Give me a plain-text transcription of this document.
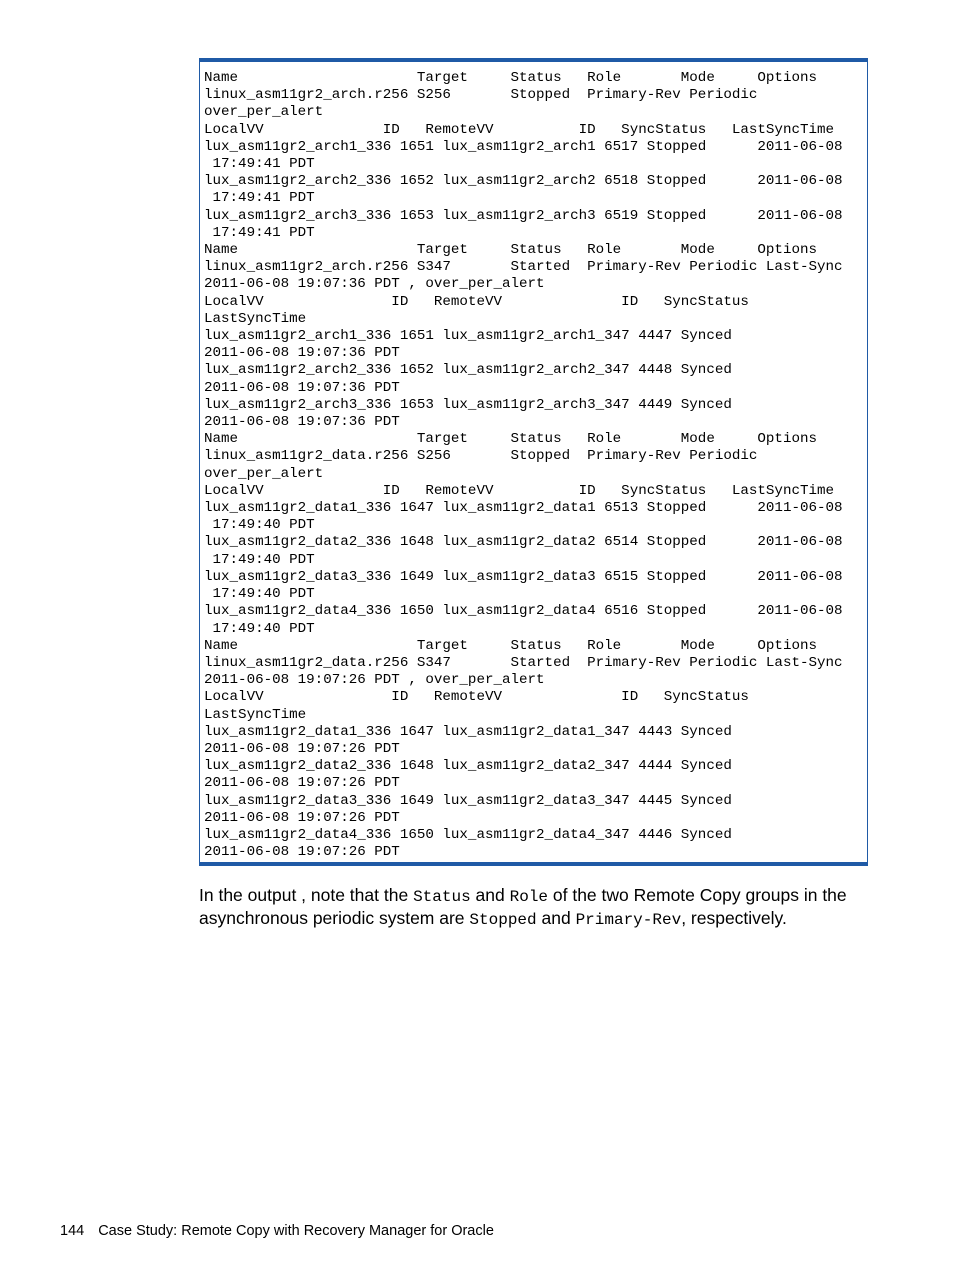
Name                     Target     Status   Role       Mode     Options
linux_asm11gr2_arch.r256 S256       Stopped  Primary-Rev Periodic
over_per_alert
LocalVV              ID   RemoteVV          ID   SyncStatus   LastSyncTime
lux_asm11gr2_arch1_336 1651 lux_asm11gr2_arch1 6517 Stopped      2011-06-08
17:49:41 PDT
lux_asm11gr2_arch2_336 1652 lux_asm11gr2_arch2 6518 Stopped      2011-06-08
17:49:41 PDT
lux_asm11gr2_arch3_336 1653 lux_asm11gr2_arch3 6519 Stopped      2011-06-08
17:49:41 PDT
Name                     Target     Status   Role       Mode     Options
linux_asm11gr2_arch.r256 S347       Started  Primary-Rev Periodic Last-Sync
2011-06-08 19:07:36 PDT , over_per_alert
LocalVV               ID   RemoteVV              ID   SyncStatus
LastSyncTime
lux_asm11gr2_arch1_336 1651 lux_asm11gr2_arch1_347 4447 Synced
2011-06-08 19:07:36 PDT
lux_asm11gr2_arch2_336 1652 lux_asm11gr2_arch2_347 4448 Synced
2011-06-08 19:07:36 PDT
lux_asm11gr2_arch3_336 1653 lux_asm11gr2_arch3_347 4449 Synced
2011-06-08 19:07:36 PDT
Name                     Target     Status   Role       Mode     Options
linux_asm11gr2_data.r256 S256       Stopped  Primary-Rev Periodic
over_per_alert
LocalVV              ID   RemoteVV          ID   SyncStatus   LastSyncTime
lux_asm11gr2_data1_336 1647 lux_asm11gr2_data1 6513 Stopped      2011-06-08
17:49:40 PDT
lux_asm11gr2_data2_336 1648 lux_asm11gr2_data2 6514 Stopped      2011-06-08
17:49:40 PDT
lux_asm11gr2_data3_336 1649 lux_asm11gr2_data3 6515 Stopped      2011-06-08
17:49:40 PDT
lux_asm11gr2_data4_336 1650 lux_asm11gr2_data4 6516 Stopped      2011-06-08
17:49:40 PDT
Name                     Target     Status   Role       Mode     Options
linux_asm11gr2_data.r256 S347       Started  Primary-Rev Periodic Last-Sync
2011-06-08 19:07:26 PDT , over_per_alert
LocalVV               ID   RemoteVV              ID   SyncStatus
LastSyncTime
lux_asm11gr2_data1_336 1647 lux_asm11gr2_data1_347 4443 Synced
2011-06-08 19:07:26 PDT
lux_asm11gr2_data2_336 1648 lux_asm11gr2_data2_347 4444 Synced
2011-06-08 19:07:26 PDT
lux_asm11gr2_data3_336 1649 lux_asm11gr2_data3_347 4445 Synced
2011-06-08 19:07:26 PDT
lux_asm11gr2_data4_336 1650 lux_asm11gr2_data4_347 4446 Synced
2011-06-08 19:07:26 PDT

In the output , note that the Status and Role of the two Remote Copy groups in the asynchronous periodic system are Stopped and Primary-Rev, respectively.

144 Case Study: Remote Copy with Recovery Manager for Oracle
